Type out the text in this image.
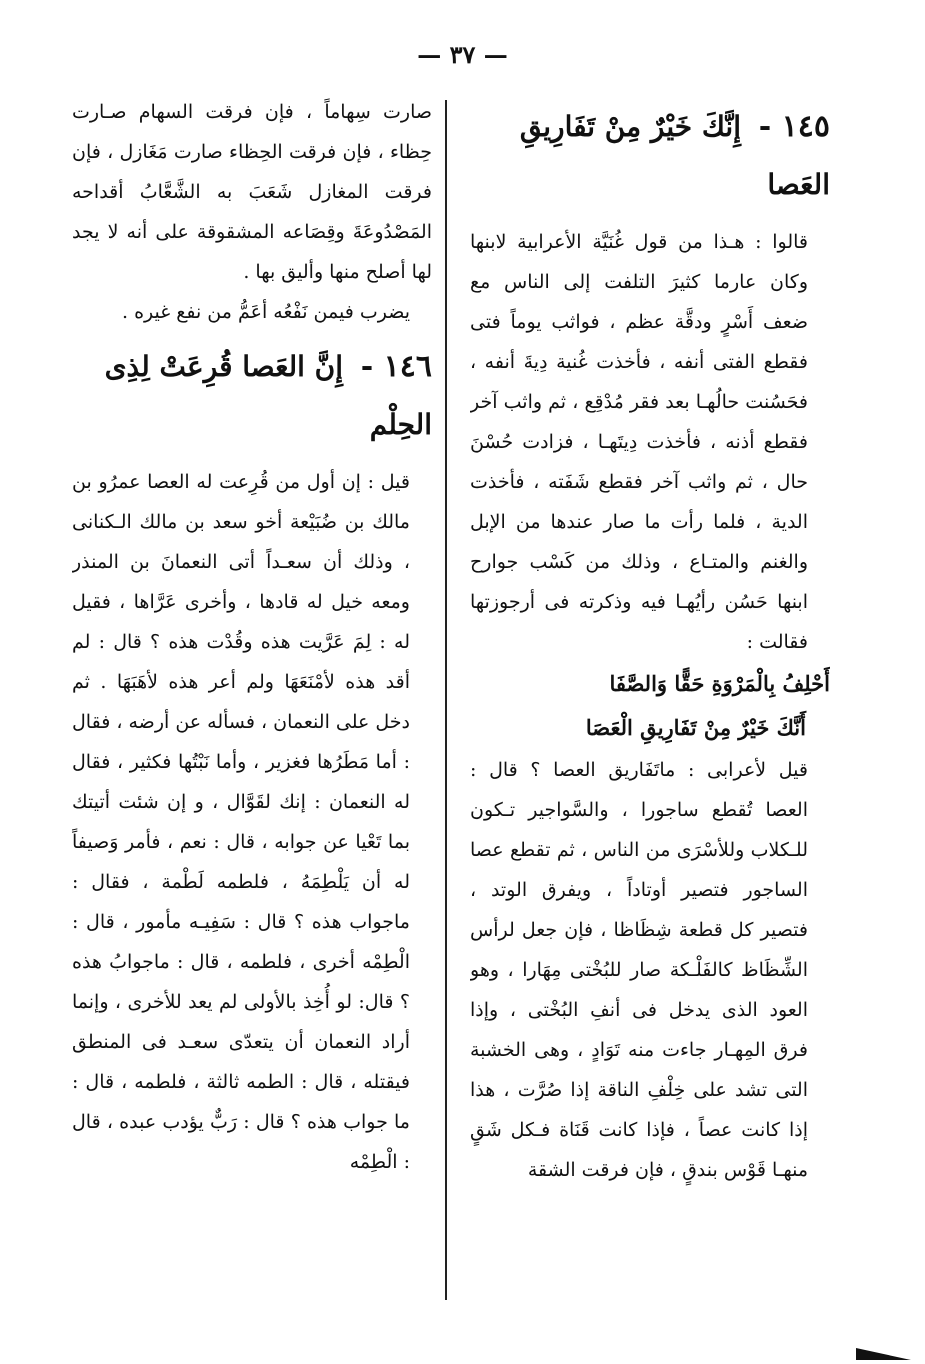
— ٣٧ —
١٤٥ - إِنَّكَ خَيْرٌ مِنْ تَفَارِيقِ العَصا

قالوا : هـذا من قول غُنَيَّة الأعرابية لابنها وكان عارما كثيرَ التلفت إلى الناس مع ضعف أَسْرٍ ودقَّة عظم ، فواثب يوماً فتى فقطع الفتى أنفه ، فأخذت غُنية دِيةَ أنفه ، فحَسُنت حالُهـا بعد فقر مُدْقِع ، ثم واثب آخر فقطع أذنه ، فأخذت دِيتَهـا ، فزادت حُسْنَ حال ، ثم واثب آخر فقطع شَفَته ، فأخذت الدية ، فلما رأت ما صار عندها من الإبل والغنم والمتـاع ، وذلك من كَسْب جوارح ابنها حَسُن رأيُهـا فيه وذكرته فى أرجوزتها فقالت :

أَحْلِفُ بِالْمَرْوَةِ حَقًّا وَالصَّفَا
أَنَّكَ خَيْرٌ مِنْ تَفَارِيقِ الْعَصَا

قيل لأعرابى : ماتَفَاريق العصا ؟ قال : العصا تُقطع ساجورا ، والسَّواجير تـكون للـكلاب وللأسْرَى من الناس ، ثم تقطع عصا الساجور فتصير أوتاداً ، ويفرق الوتد ، فتصير كل قطعة شِظَاظا ، فإن جعل لرأس الشِّظَاظ كالفَلْـكة صار للبُخْتى مِهَارا ، وهو العود الذى يدخل فى أنفِ البُخْتى ، وإذا فرق المِهـار جاءت منه تَوَادٍ ، وهى الخشبة التى تشد على خِلْفِ الناقة إذا صُرَّت ، هذا إذا كانت عصاً ، فإذا كانت قَنَاة فـكل شَقٍ منهـا قَوْس بندقٍ ، فإن فرقت الشقة

صارت سِهاماً ، فإن فرقت السهام صـارت حِظاء ، فإن فرقت الحِظاء صارت مَغَازل ، فإن فرقت المغازل شَعَبَ به الشَّعَّابُ أقداحه المَصْدُوعَةَ وقِصَاعه المشقوقة على أنه لا يجد لها أصلح منها وأليق بها .

يضرب فيمن نَفْعُه أعَمُّ من نفع غيره .

١٤٦ - إِنَّ العَصا قُرِعَتْ لِذِى الحِلْم

قيل : إن أول من قُرِعت له العصا عمرُو بن مالك بن ضُبَيْعة أخو سعد بن مالك الـكنانى ، وذلك أن سعـداً أتى النعمانَ بن المنذر ومعه خيل له قادها ، وأخرى عَرَّاها ، فقيل له : لِمَ عَرَّيت هذه وقُدْت هذه ؟ قال : لم أقد هذه لأمْنَعَهَا ولم أعر هذه لأهَبَهَا . ثم دخل على النعمان ، فسأله عن أرضه ، فقال : أما مَطَرُها فغزير ، وأما نَبْتُها فكثير ، فقال له النعمان : إنك لقَوَّال ، و إن شئت أتيتك بما تَعْيا عن جوابه ، قال : نعم ، فأمر وَصيفاً له أن يَلْطِمَهُ ، فلطمه لَطْمة ، فقال : ماجواب هذه ؟ قال : سَفِيـه مأمور ، قال : الْطِمْه أخرى ، فلطمه ، قال : ماجوابُ هذه ؟ قال: لو أُخِذ بالأولى لم يعد للأخرى ، وإنما أراد النعمان أن يتعدّى سعـد فى المنطق فيقتله ، قال : الطمه ثالثة ، فلطمه ، قال : ما جواب هذه ؟ قال : رَبٌّ يؤدب عبده ، قال : الْطِمْه
